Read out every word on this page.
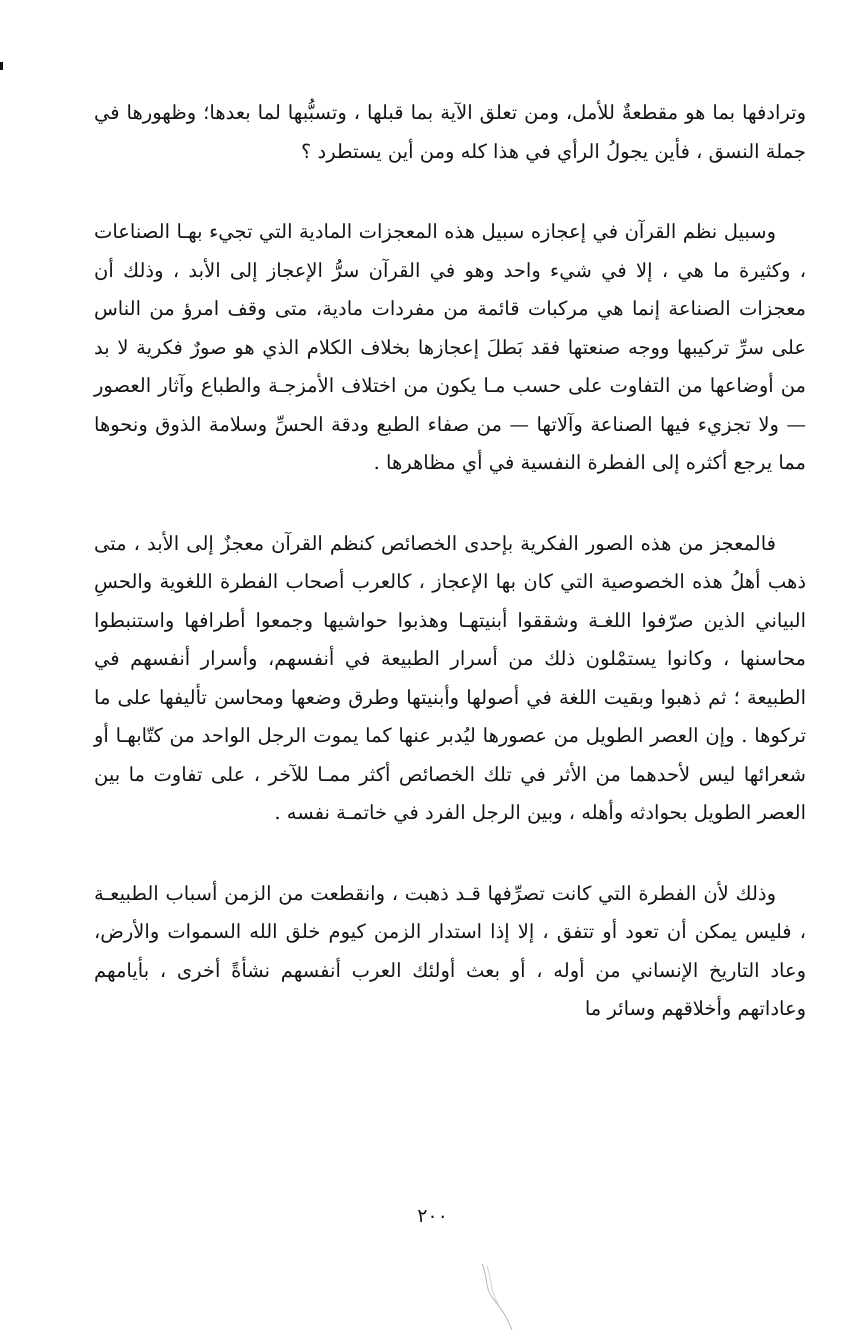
وترادفها بما هو مقطعةٌ للأمل، ومن تعلق الآية بما قبلها ، وتسبُّبها لما بعدها؛ وظهورها في جملة النسق ، فأين يجولُ الرأي في هذا كله ومن أين يستطرد ؟

وسبيل نظم القرآن في إعجازه سبيل هذه المعجزات المادية التي تجيء بهـا الصناعات ، وكثيرة ما هي ، إلا في شيء واحد وهو في القرآن سرُّ الإعجاز إلى الأبد ، وذلك أن معجزات الصناعة إنما هي مركبات قائمة من مفردات مادية، متى وقف امرؤ من الناس على سرِّ تركيبها ووجه صنعتها فقد بَطلَ إعجازها بخلاف الكلام الذي هو صورٌ فكرية لا بد من أوضاعها من التفاوت على حسب مـا يكون من اختلاف الأمزجـة والطباع وآثار العصور — ولا تجزيء فيها الصناعة وآلاتها — من صفاء الطبع ودقة الحسِّ وسلامة الذوق ونحوها مما يرجع أكثره إلى الفطرة النفسية في أي مظاهرها .

فالمعجز من هذه الصور الفكرية بإحدى الخصائص كنظم القرآن معجزٌ إلى الأبد ، متى ذهب أهلُ هذه الخصوصية التي كان بها الإعجاز ، كالعرب أصحاب الفطرة اللغوية والحسِ البياني الذين صرّفوا اللغـة وشققوا أبنيتهـا وهذبوا حواشيها وجمعوا أطرافها واستنبطوا محاسنها ، وكانوا يستمْلون ذلك من أسرار الطبيعة في أنفسهم، وأسرار أنفسهم في الطبيعة ؛ ثم ذهبوا وبقيت اللغة في أصولها وأبنيتها وطرق وضعها ومحاسن تأليفها على ما تركوها . وإن العصر الطويل من عصورها ليُدبر عنها كما يموت الرجل الواحد من كتّابهـا أو شعرائها ليس لأحدهما من الأثر في تلك الخصائص أكثر ممـا للآخر ، على تفاوت ما بين العصر الطويل بحوادثه وأهله ، وبين الرجل الفرد في خاتمـة نفسه .

وذلك لأن الفطرة التي كانت تصرِّفها قـد ذهبت ، وانقطعت من الزمن أسباب الطبيعـة ، فليس يمكن أن تعود أو تتفق ، إلا إذا استدار الزمن كيوم خلق الله السموات والأرض، وعاد التاريخ الإنساني من أوله ، أو بعث أولئك العرب أنفسهم نشأةً أخرى ، بأيامهم وعاداتهم وأخلاقهم وسائر ما

٢٠٠
